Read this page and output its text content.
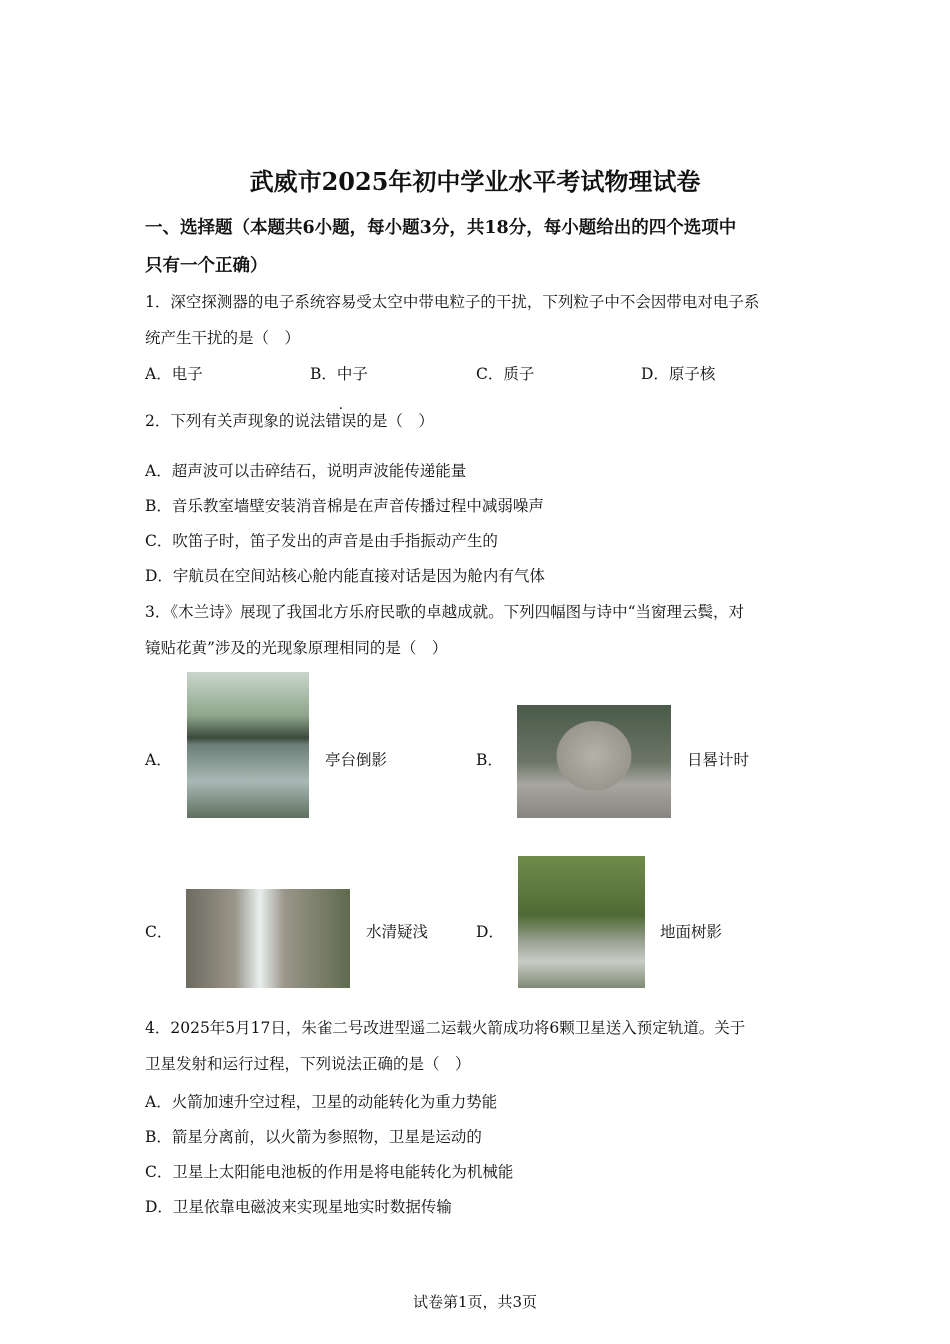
武威市2025年初中学业水平考试物理试卷
一、选择题（本题共6小题，每小题3分，共18分，每小题给出的四个选项中
只有一个正确）
1．深空探测器的电子系统容易受太空中带电粒子的干扰，下列粒子中不会因带电对电子系
统产生干扰的是（　）
A．电子	B．中子	C．质子	D．原子核
2．下列有关声现象的说法错误的是（　）
A．超声波可以击碎结石，说明声波能传递能量
B．音乐教室墙壁安装消音棉是在声音传播过程中减弱噪声
C．吹笛子时，笛子发出的声音是由手指振动产生的
D．宇航员在空间站核心舱内能直接对话是因为舱内有气体
3．《木兰诗》展现了我国北方乐府民歌的卓越成就。下列四幅图与诗中“当窗理云鬓，对
镜贴花黄”涉及的光现象原理相同的是（　）
A．	亭台倒影	B．	日晷计时
C．	水清疑浅	D．	地面树影
4．2025年5月17日，朱雀二号改进型遥二运载火箭成功将6颗卫星送入预定轨道。关于
卫星发射和运行过程，下列说法正确的是（　）
A．火箭加速升空过程，卫星的动能转化为重力势能
B．箭星分离前，以火箭为参照物，卫星是运动的
C．卫星上太阳能电池板的作用是将电能转化为机械能
D．卫星依靠电磁波来实现星地实时数据传输
试卷第1页，共3页
